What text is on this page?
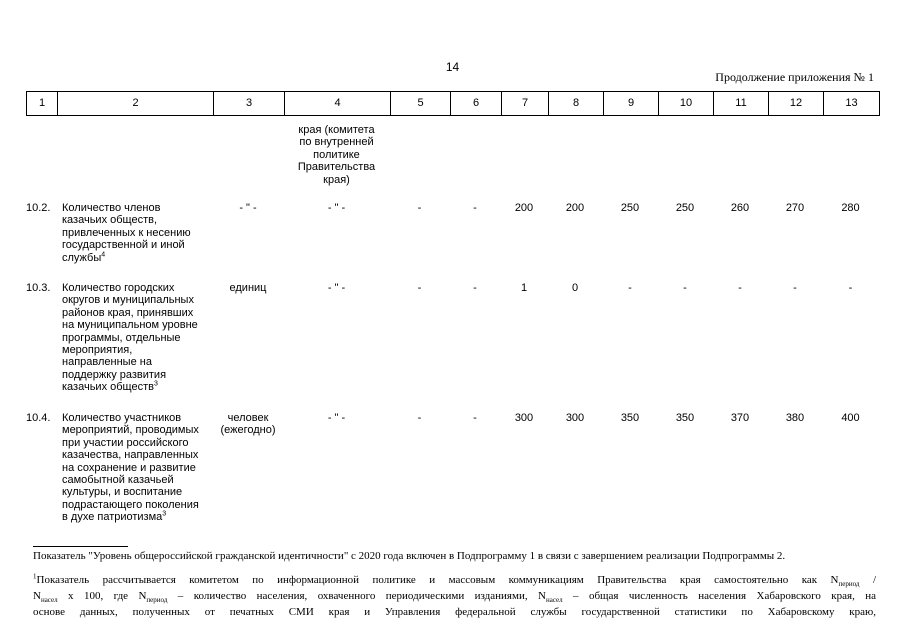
14
Продолжение приложения № 1
1	2	3	4	5	6	7	8	9	10	11	12	13
края (комитета
по внутренней
политике
Правительства
края)
10.2.	Количество членов
казачьих обществ,
привлеченных к несению
государственной и иной
службы$^4$
- " -	- " -	-	-	200	200	250	250	260	270	280
10.3.	Количество городских
округов и муниципальных
районов края, принявших
на муниципальном уровне
программы, отдельные
мероприятия,
направленные на
поддержку развития
казачьих обществ$^3$
единиц	- " -	-	-	1	0	-	-	-	-	-
10.4.	Количество участников
мероприятий, проводимых
при участии российского
казачества, направленных
на сохранение и развитие
самобытной казачьей
культуры, и воспитание
подрастающего поколения
в духе патриотизма$^3$
человек
(ежегодно)
- " -	-	-	300	300	350	350	370	380	400
Показатель "Уровень общероссийской гражданской идентичности" с 2020 года включен в Подпрограмму 1 в связи с завершением реализации Подпрограммы 2.
$^1$Показатель рассчитывается комитетом по информационной политике и массовым коммуникациям Правительства края самостоятельно как $N_{период}$ /
$N_{насел}$ х 100, где $N_{период}$ – количество населения, охваченного периодическими изданиями, $N_{насел}$ – общая численность населения Хабаровского края, на
основе данных, полученных от печатных СМИ края и Управления федеральной службы государственной статистики по Хабаровскому краю,
